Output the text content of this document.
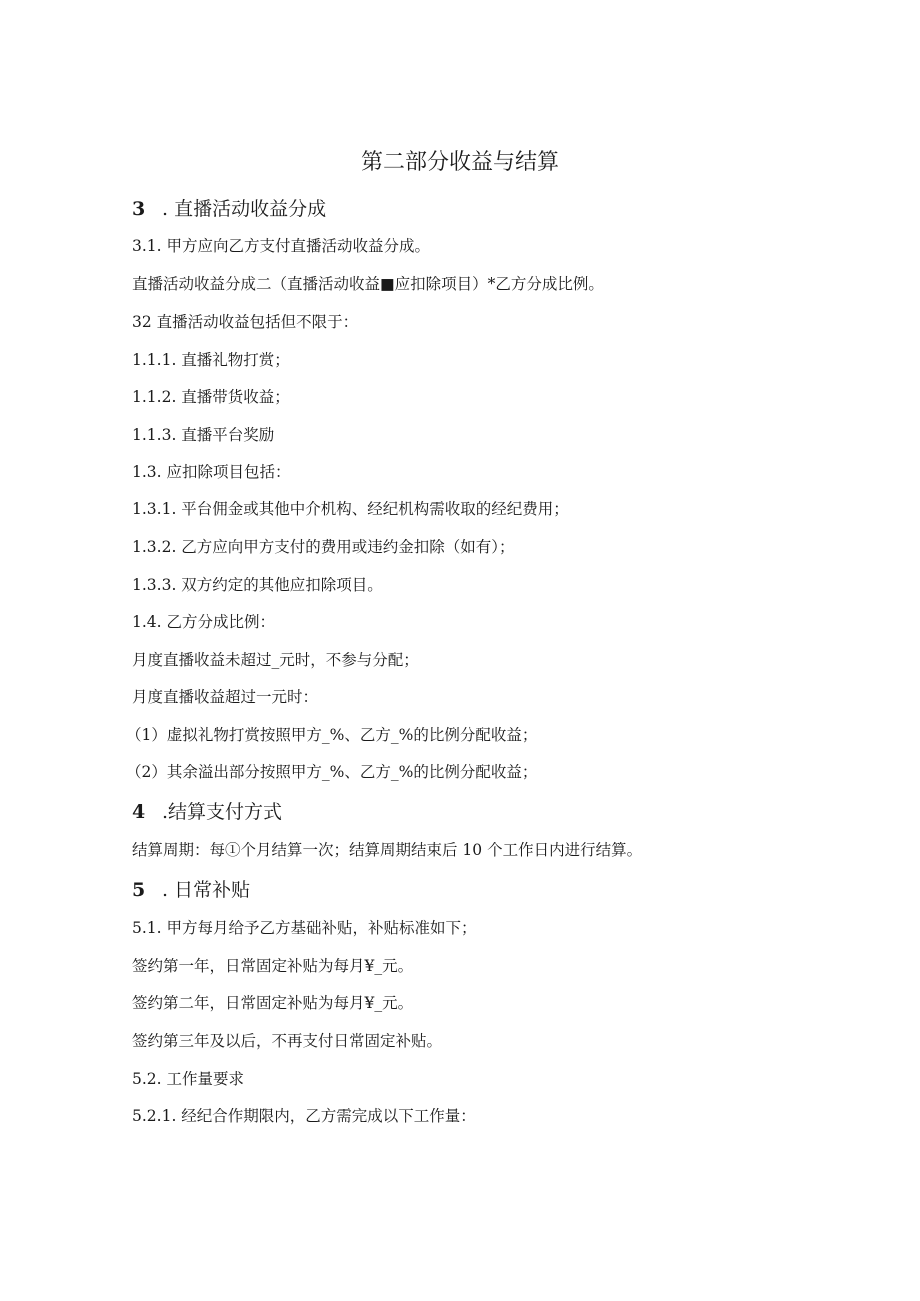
第二部分收益与结算
3 . 直播活动收益分成
3.1. 甲方应向乙方支付直播活动收益分成。
直播活动收益分成二（直播活动收益■应扣除项目）*乙方分成比例。
32 直播活动收益包括但不限于：
1.1.1. 直播礼物打赏；
1.1.2. 直播带货收益；
1.1.3. 直播平台奖励
1.3. 应扣除项目包括：
1.3.1. 平台佣金或其他中介机构、经纪机构需收取的经纪费用；
1.3.2. 乙方应向甲方支付的费用或违约金扣除（如有）；
1.3.3. 双方约定的其他应扣除项目。
1.4. 乙方分成比例：
月度直播收益未超过_元时，不参与分配；
月度直播收益超过一元时：
（1）虚拟礼物打赏按照甲方_%、乙方_%的比例分配收益；
（2）其余溢出部分按照甲方_%、乙方_%的比例分配收益；
4 .结算支付方式
结算周期：每①个月结算一次；结算周期结束后 10 个工作日内进行结算。
5 . 日常补贴
5.1. 甲方每月给予乙方基础补贴，补贴标准如下；
签约第一年，日常固定补贴为每月¥_元。
签约第二年，日常固定补贴为每月¥_元。
签约第三年及以后，不再支付日常固定补贴。
5.2. 工作量要求
5.2.1. 经纪合作期限内，乙方需完成以下工作量：
